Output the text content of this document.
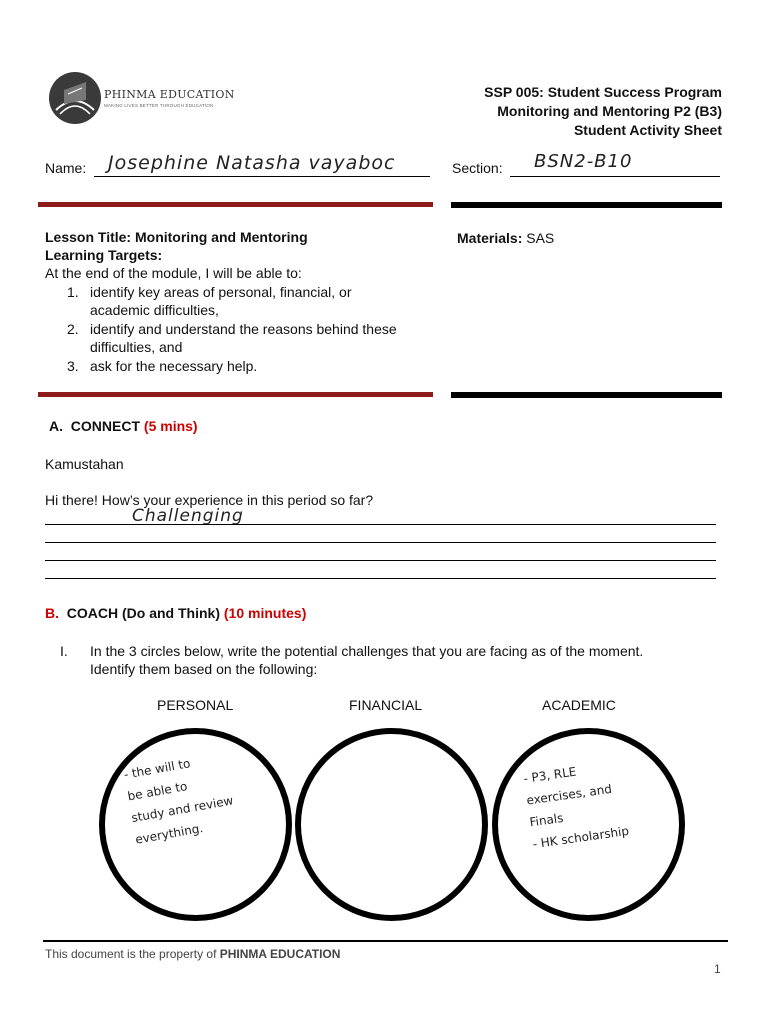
PHINMA EDUCATION
MAKING LIVES BETTER THROUGH EDUCATION
SSP 005: Student Success Program
Monitoring and Mentoring P2 (B3)
Student Activity Sheet
Name: Josephine Natasha vayaboc	Section: BSN2-B10
Lesson Title: Monitoring and Mentoring
Learning Targets:
At the end of the module, I will be able to:
1. identify key areas of personal, financial, or
academic difficulties,
2. identify and understand the reasons behind these
difficulties, and
3. ask for the necessary help.
Materials: SAS
A. CONNECT (5 mins)
Kamustahan
Hi there! How’s your experience in this period so far?
Challenging
B. COACH (Do and Think) (10 minutes)
I. In the 3 circles below, write the potential challenges that you are facing as of the moment.
Identify them based on the following:
PERSONAL	FINANCIAL	ACADEMIC
- the will to
be able to
study and review
everything.
- P3, RLE
exercises, and
Finals
- HK scholarship
This document is the property of PHINMA EDUCATION
1
